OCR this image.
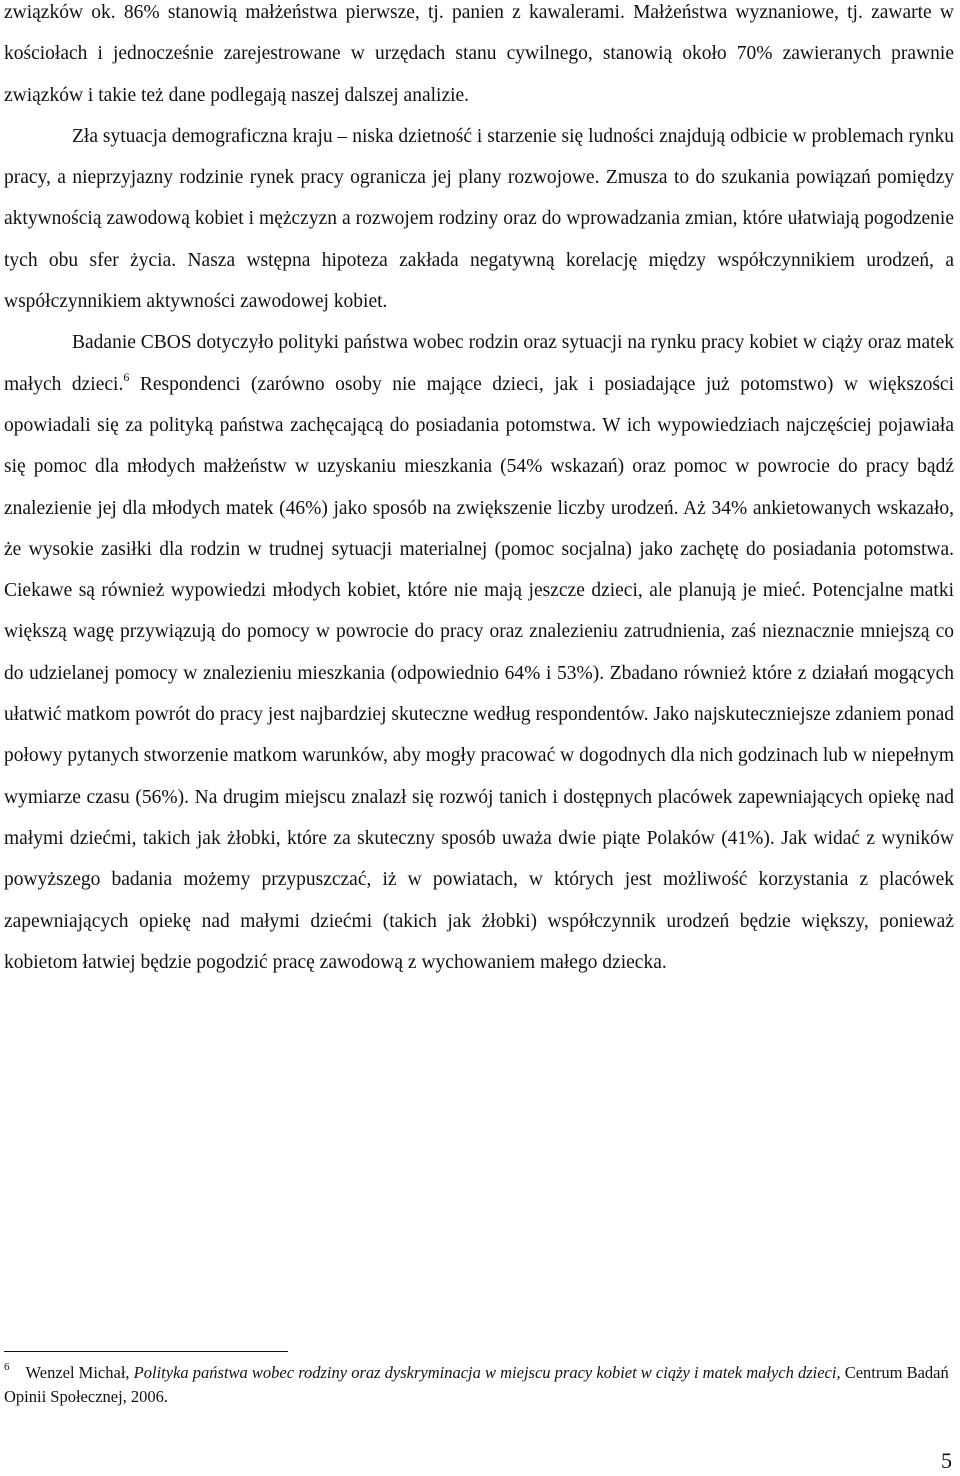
związków ok. 86% stanowią małżeństwa pierwsze, tj. panien z kawalerami. Małżeństwa wyznaniowe, tj. zawarte w kościołach i jednocześnie zarejestrowane w urzędach stanu cywilnego, stanowią około 70% zawieranych prawnie związków i takie też dane podlegają naszej dalszej analizie.

Zła sytuacja demograficzna kraju – niska dzietność i starzenie się ludności znajdują odbicie w problemach rynku pracy, a nieprzyjazny rodzinie rynek pracy ogranicza jej plany rozwojowe. Zmusza to do szukania powiązań pomiędzy aktywnością zawodową kobiet i mężczyzn a rozwojem rodziny oraz do wprowadzania zmian, które ułatwiają pogodzenie tych obu sfer życia. Nasza wstępna hipoteza zakłada negatywną korelację między współczynnikiem urodzeń, a współczynnikiem aktywności zawodowej kobiet.

Badanie CBOS dotyczyło polityki państwa wobec rodzin oraz sytuacji na rynku pracy kobiet w ciąży oraz matek małych dzieci.$^6$ Respondenci (zarówno osoby nie mające dzieci, jak i posiadające już potomstwo) w większości opowiadali się za polityką państwa zachęcającą do posiadania potomstwa. W ich wypowiedziach najczęściej pojawiała się pomoc dla młodych małżeństw w uzyskaniu mieszkania (54% wskazań) oraz pomoc w powrocie do pracy bądź znalezienie jej dla młodych matek (46%) jako sposób na zwiększenie liczby urodzeń. Aż 34% ankietowanych wskazało, że wysokie zasiłki dla rodzin w trudnej sytuacji materialnej (pomoc socjalna) jako zachętę do posiadania potomstwa. Ciekawe są również wypowiedzi młodych kobiet, które nie mają jeszcze dzieci, ale planują je mieć. Potencjalne matki większą wagę przywiązują do pomocy w powrocie do pracy oraz znalezieniu zatrudnienia, zaś nieznacznie mniejszą co do udzielanej pomocy w znalezieniu mieszkania (odpowiednio 64% i 53%). Zbadano również które z działań mogących ułatwić matkom powrót do pracy jest najbardziej skuteczne według respondentów. Jako najskuteczniejsze zdaniem ponad połowy pytanych stworzenie matkom warunków, aby mogły pracować w dogodnych dla nich godzinach lub w niepełnym wymiarze czasu (56%). Na drugim miejscu znalazł się rozwój tanich i dostępnych placówek zapewniających opiekę nad małymi dziećmi, takich jak żłobki, które za skuteczny sposób uważa dwie piąte Polaków (41%). Jak widać z wyników powyższego badania możemy przypuszczać, iż w powiatach, w których jest możliwość korzystania z placówek zapewniających opiekę nad małymi dziećmi (takich jak żłobki) współczynnik urodzeń będzie większy, ponieważ kobietom łatwiej będzie pogodzić pracę zawodową z wychowaniem małego dziecka.

$^6$ Wenzel Michał, Polityka państwa wobec rodziny oraz dyskryminacja w miejscu pracy kobiet w ciąży i matek małych dzieci, Centrum Badań Opinii Społecznej, 2006.

5
